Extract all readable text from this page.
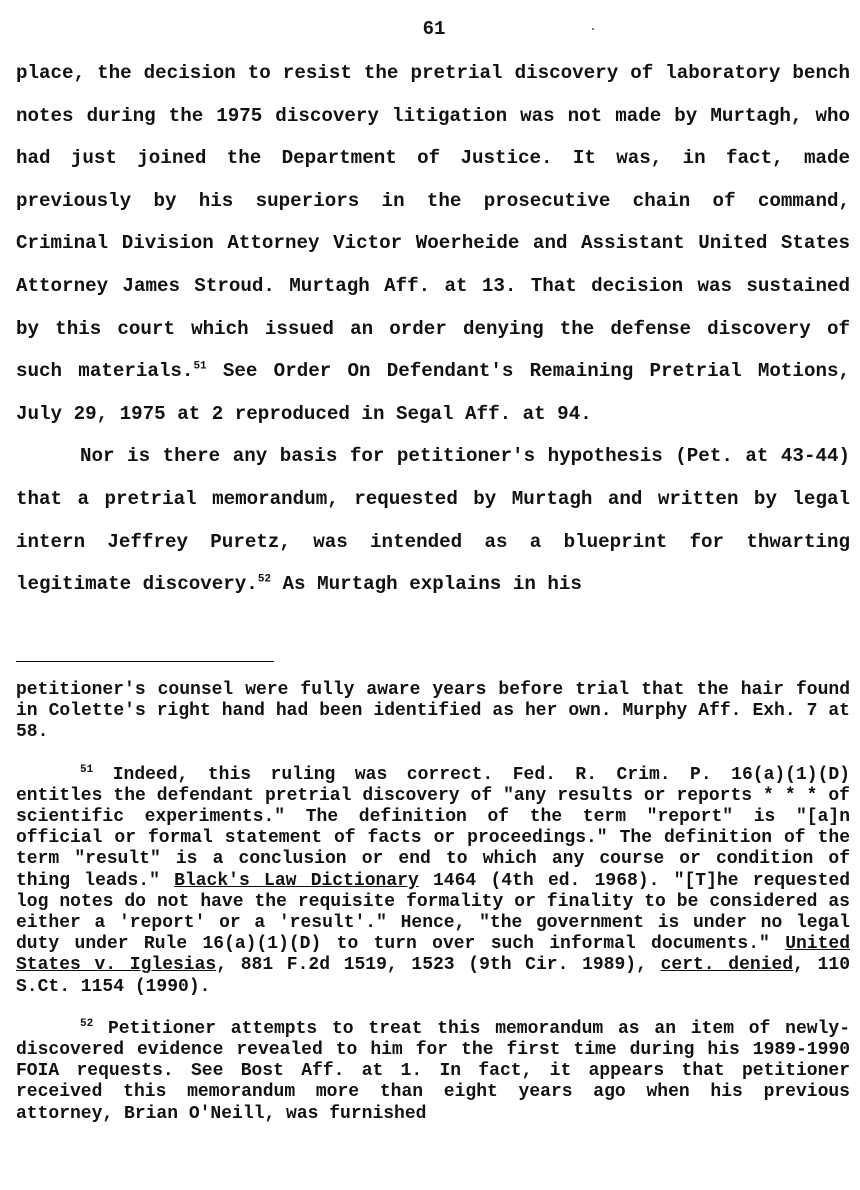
61

place, the decision to resist the pretrial discovery of laboratory bench notes during the 1975 discovery litigation was not made by Murtagh, who had just joined the Department of Justice. It was, in fact, made previously by his superiors in the prosecutive chain of command, Criminal Division Attorney Victor Woerheide and Assistant United States Attorney James Stroud. Murtagh Aff. at 13. That decision was sustained by this court which issued an order denying the defense discovery of such materials.$^{51}$ See Order On Defendant's Remaining Pretrial Motions, July 29, 1975 at 2 reproduced in Segal Aff. at 94.

Nor is there any basis for petitioner's hypothesis (Pet. at 43-44) that a pretrial memorandum, requested by Murtagh and written by legal intern Jeffrey Puretz, was intended as a blueprint for thwarting legitimate discovery.$^{52}$ As Murtagh explains in his

petitioner's counsel were fully aware years before trial that the hair found in Colette's right hand had been identified as her own. Murphy Aff. Exh. 7 at 58.

$^{51}$ Indeed, this ruling was correct. Fed. R. Crim. P. 16(a)(1)(D) entitles the defendant pretrial discovery of "any results or reports * * * of scientific experiments." The definition of the term "report" is "[a]n official or formal statement of facts or proceedings." The definition of the term "result" is a conclusion or end to which any course or condition of thing leads." Black's Law Dictionary 1464 (4th ed. 1968). "[T]he requested log notes do not have the requisite formality or finality to be considered as either a 'report' or a 'result'." Hence, "the government is under no legal duty under Rule 16(a)(1)(D) to turn over such informal documents." United States v. Iglesias, 881 F.2d 1519, 1523 (9th Cir. 1989), cert. denied, 110 S.Ct. 1154 (1990).

$^{52}$ Petitioner attempts to treat this memorandum as an item of newly-discovered evidence revealed to him for the first time during his 1989-1990 FOIA requests. See Bost Aff. at 1. In fact, it appears that petitioner received this memorandum more than eight years ago when his previous attorney, Brian O'Neill, was furnished
